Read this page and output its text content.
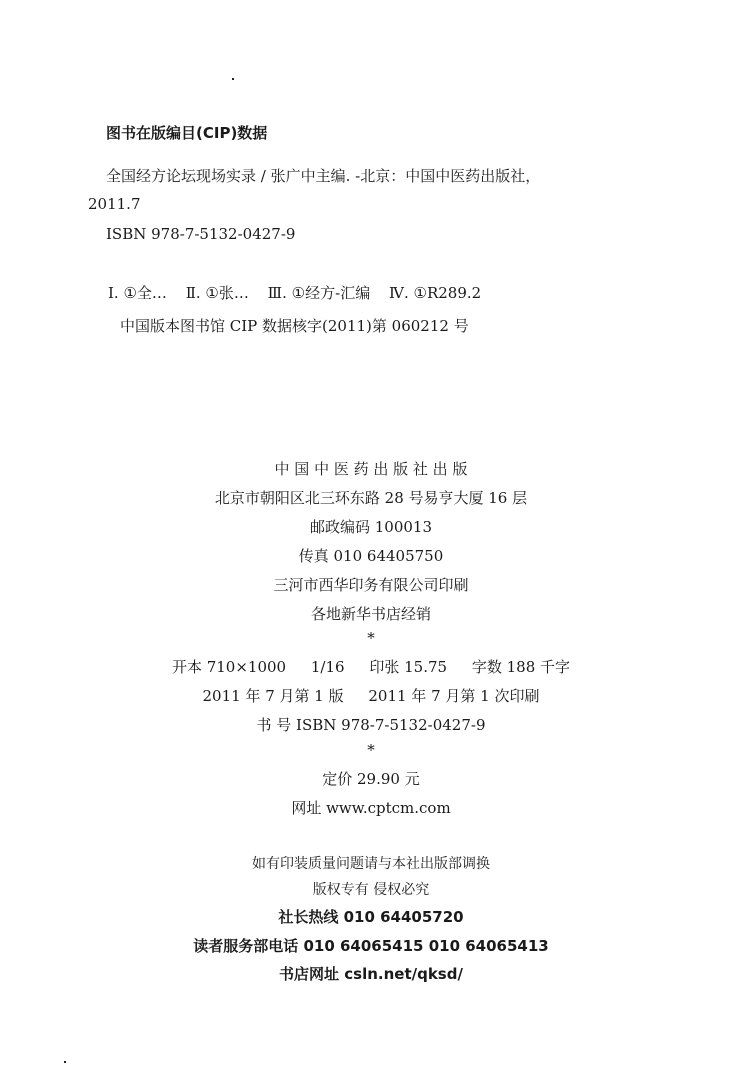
图书在版编目(CIP)数据
全国经方论坛现场实录 / 张广中主编. -北京：中国中医药出版社，
2011.7
ISBN 978-7-5132-0427-9
Ⅰ. ①全… Ⅱ. ①张… Ⅲ. ①经方-汇编 Ⅳ. ①R289.2
中国版本图书馆 CIP 数据核字(2011)第 060212 号
中 国 中 医 药 出 版 社 出 版
北京市朝阳区北三环东路 28 号易亨大厦 16 层
邮政编码 100013
传真 010 64405750
三河市西华印务有限公司印刷
各地新华书店经销
*
开本 710×1000 1/16 印张 15.75 字数 188 千字
2011 年 7 月第 1 版 2011 年 7 月第 1 次印刷
书 号 ISBN 978-7-5132-0427-9
*
定价 29.90 元
网址 www.cptcm.com
如有印装质量问题请与本社出版部调换
版权专有 侵权必究
社长热线 010 64405720
读者服务部电话 010 64065415 010 64065413
书店网址 csln.net/qksd/
